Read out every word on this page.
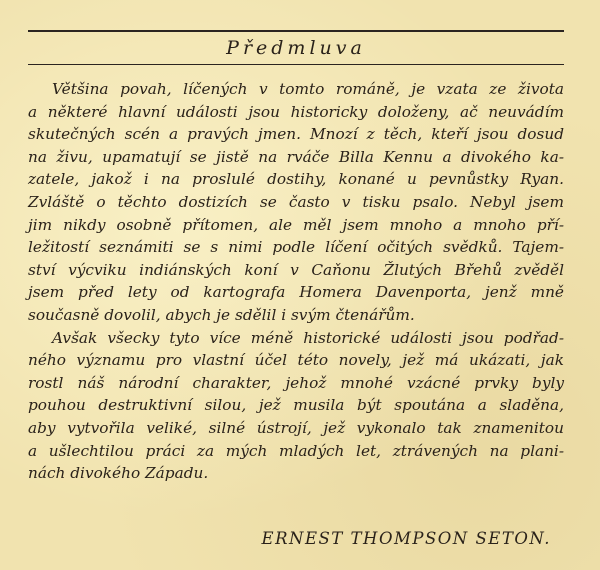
Předmluva
Většina povah, líčených v tomto románě, je vzata ze života
a některé hlavní události jsou historicky doloženy, ač neuvádím
skutečných scén a pravých jmen. Mnozí z těch, kteří jsou dosud
na živu, upamatují se jistě na rváče Billa Kennu a divokého ka-
zatele, jakož i na proslulé dostihy, konané u pevnůstky Ryan.
Zvláště o těchto dostizích se často v tisku psalo. Nebyl jsem
jim nikdy osobně přítomen, ale měl jsem mnoho a mnoho pří-
ležitostí seznámiti se s nimi podle líčení očitých svědků. Tajem-
ství výcviku indiánských koní v Caňonu Žlutých Břehů zvěděl
jsem před lety od kartografa Homera Davenporta, jenž mně
současně dovolil, abych je sdělil i svým čtenářům.
Avšak všecky tyto více méně historické události jsou podřad-
ného významu pro vlastní účel této novely, jež má ukázati, jak
rostl náš národní charakter, jehož mnohé vzácné prvky byly
pouhou destruktivní silou, jež musila být spoutána a sladěna,
aby vytvořila veliké, silné ústrojí, jež vykonalo tak znamenitou
a ušlechtilou práci za mých mladých let, ztrávených na plani-
nách divokého Západu.
ERNEST THOMPSON SETON.
